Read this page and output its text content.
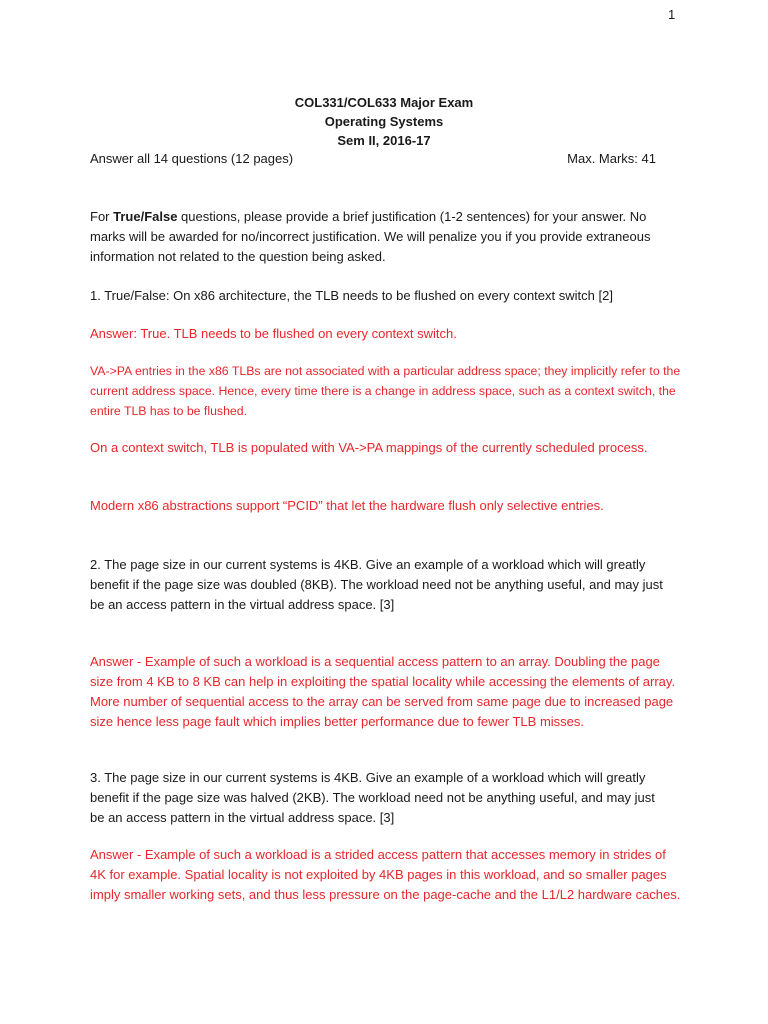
1
COL331/COL633 Major Exam
Operating Systems
Sem II, 2016-17
Answer all 14 questions (12 pages)	Max. Marks: 41
For True/False questions, please provide a brief justification (1-2 sentences) for your answer. No marks will be awarded for no/incorrect justification. We will penalize you if you provide extraneous information not related to the question being asked.
1. True/False: On x86 architecture, the TLB needs to be flushed on every context switch [2]
Answer: True. TLB needs to be flushed on every context switch.
VA->PA entries in the x86 TLBs are not associated with a particular address space; they implicitly refer to the current address space. Hence, every time there is a change in address space, such as a context switch, the entire TLB has to be flushed.
On a context switch, TLB is populated with VA->PA mappings of the currently scheduled process.
Modern x86 abstractions support “PCID” that let the hardware flush only selective entries.
2. The page size in our current systems is 4KB. Give an example of a workload which will greatly benefit if the page size was doubled (8KB). The workload need not be anything useful, and may just be an access pattern in the virtual address space. [3]
Answer - Example of such a workload is a sequential access pattern to an array. Doubling the page size from 4 KB to 8 KB can help in exploiting the spatial locality while accessing the elements of array. More number of sequential access to the array can be served from same page due to increased page size hence less page fault which implies better performance due to fewer TLB misses.
3. The page size in our current systems is 4KB. Give an example of a workload which will greatly benefit if the page size was halved (2KB). The workload need not be anything useful, and may just be an access pattern in the virtual address space. [3]
Answer - Example of such a workload is a strided access pattern that accesses memory in strides of 4K for example. Spatial locality is not exploited by 4KB pages in this workload, and so smaller pages imply smaller working sets, and thus less pressure on the page-cache and the L1/L2 hardware caches.
